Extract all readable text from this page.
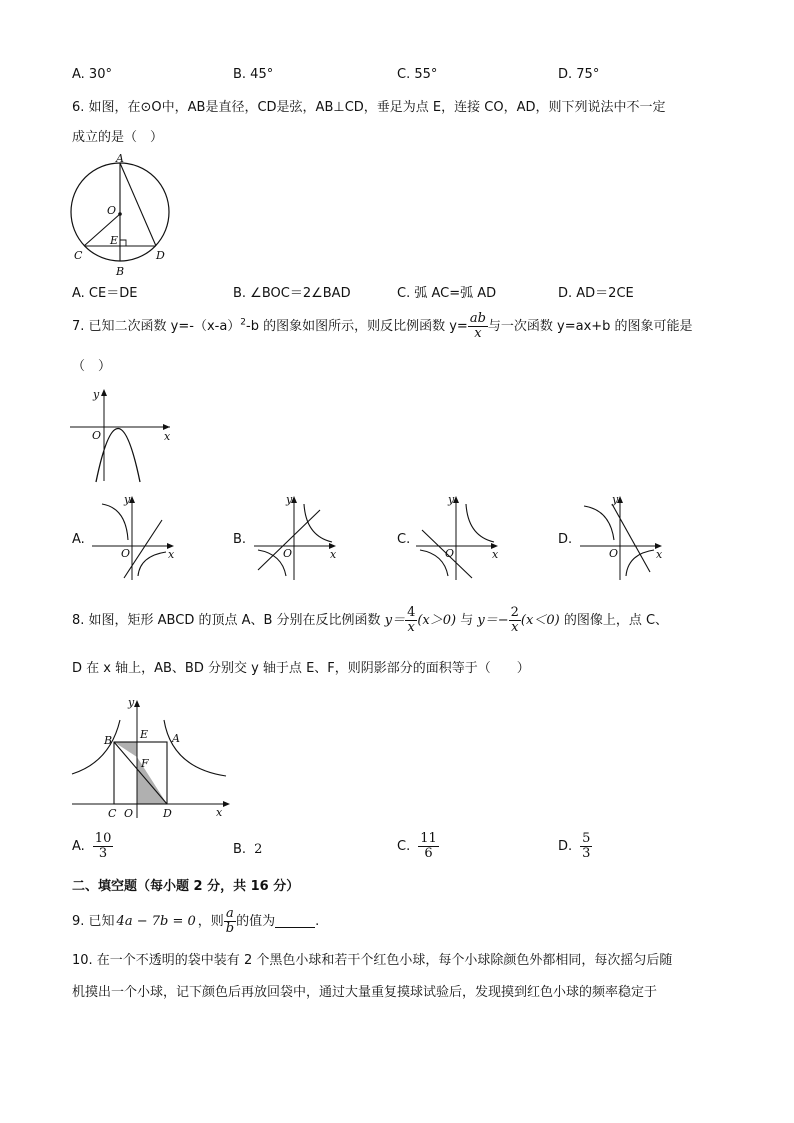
A. 30°	B. 45°	C. 55°	D. 75°
6. 如图，在⊙O中，AB是直径，CD是弦，AB⊥CD，垂足为点 E，连接 CO，AD，则下列说法中不一定
成立的是（　）
A
O
E
C
B
D
A. CE＝DE	B. ∠BOC＝2∠BAD	C. 弧 AC=弧 AD	D. AD＝2CE
7. 已知二次函数 $y=-(x-a)^2-b$ 的图象如图所示，则反比例函数 $y= \frac{ab}{x}$ 与一次函数 y=ax+b 的图象可能是
（　）
y
O	x
A.
y
O	x
B.
y
O	x
C.
y
O	x
D.
y
O	x
8. 如图，矩形 ABCD 的顶点 A、B 分别在反比例函数 $y= \frac{4}{x} (x>0)$ 与 $y=- \frac{2}{x} (x<0)$ 的图像上，点 C、
D 在 x 轴上，AB、BD 分别交 y 轴于点 E、F，则阴影部分的面积等于（　　）
y
B	E A
F
C O	D	x
A. $\frac{10}{3}$	B. 2	C. $\frac{11}{6}$	D. $\frac{5}{3}$
二、填空题（每小题 2 分，共 16 分）
9. 已知 4a − 7b = 0 ，则 $\frac{a}{b}$ 的值为	.
10. 在一个不透明的袋中装有 2 个黑色小球和若干个红色小球，每个小球除颜色外都相同，每次摇匀后随
机摸出一个小球，记下颜色后再放回袋中，通过大量重复摸球试验后，发现摸到红色小球的频率稳定于
